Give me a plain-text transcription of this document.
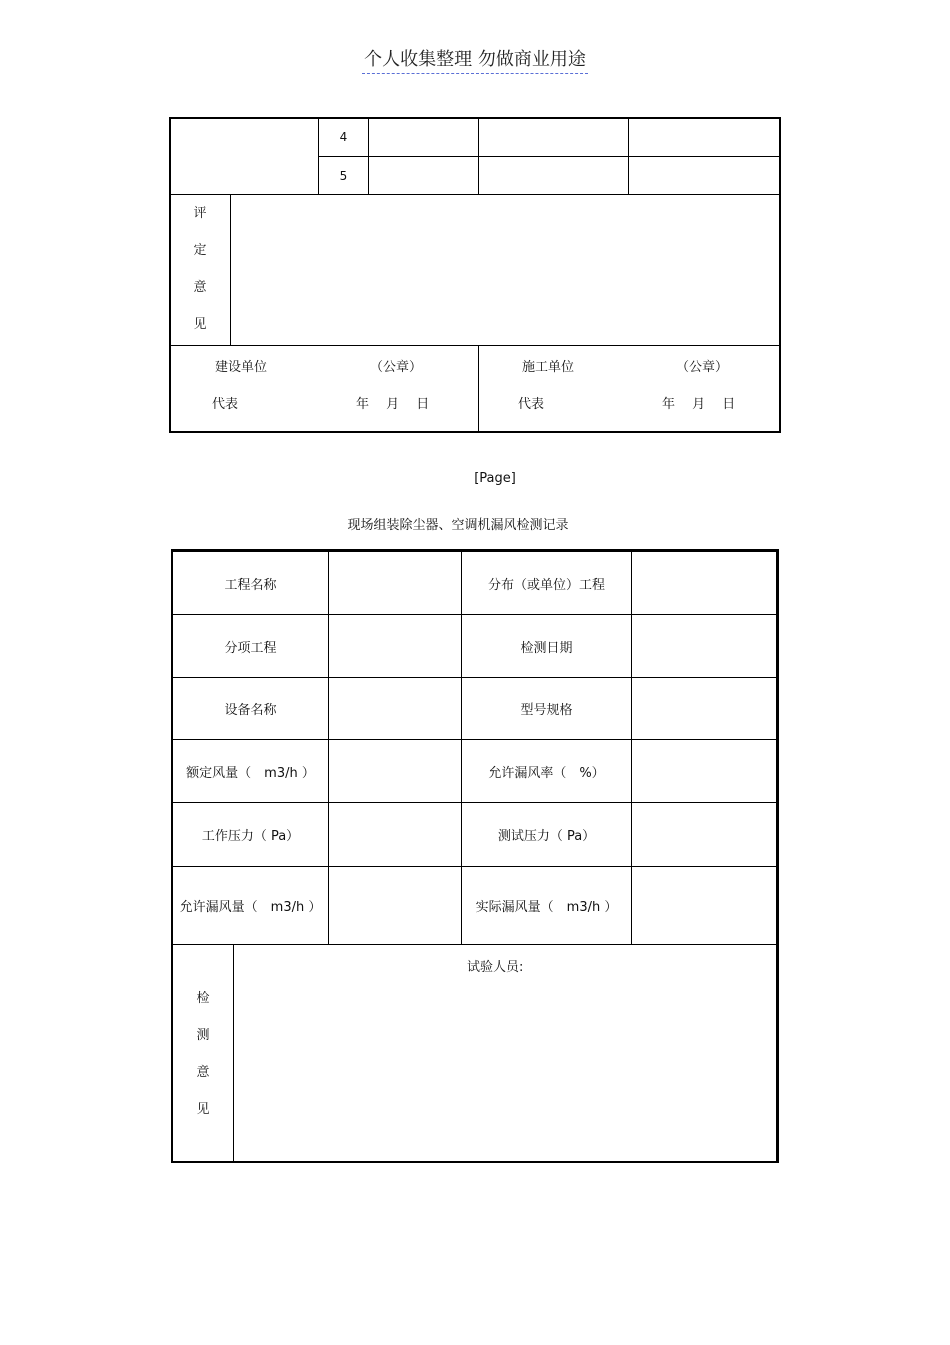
个人收集整理 勿做商业用途
4
5
评
定
意
见
建设单位	（公章）
代表	年　 月　 日
施工单位	（公章）
代表	年　 月　 日
[Page]
现场组装除尘器、空调机漏风检测记录
工程名称	分布（或单位）工程
分项工程	检测日期
设备名称	型号规格
额定风量（　m3/h ）	允许漏风率（　%）
工作压力（ Pa）	测试压力（ Pa）
允许漏风量（　m3/h ）	实际漏风量（　m3/h ）
检
测
意
见
试验人员:
